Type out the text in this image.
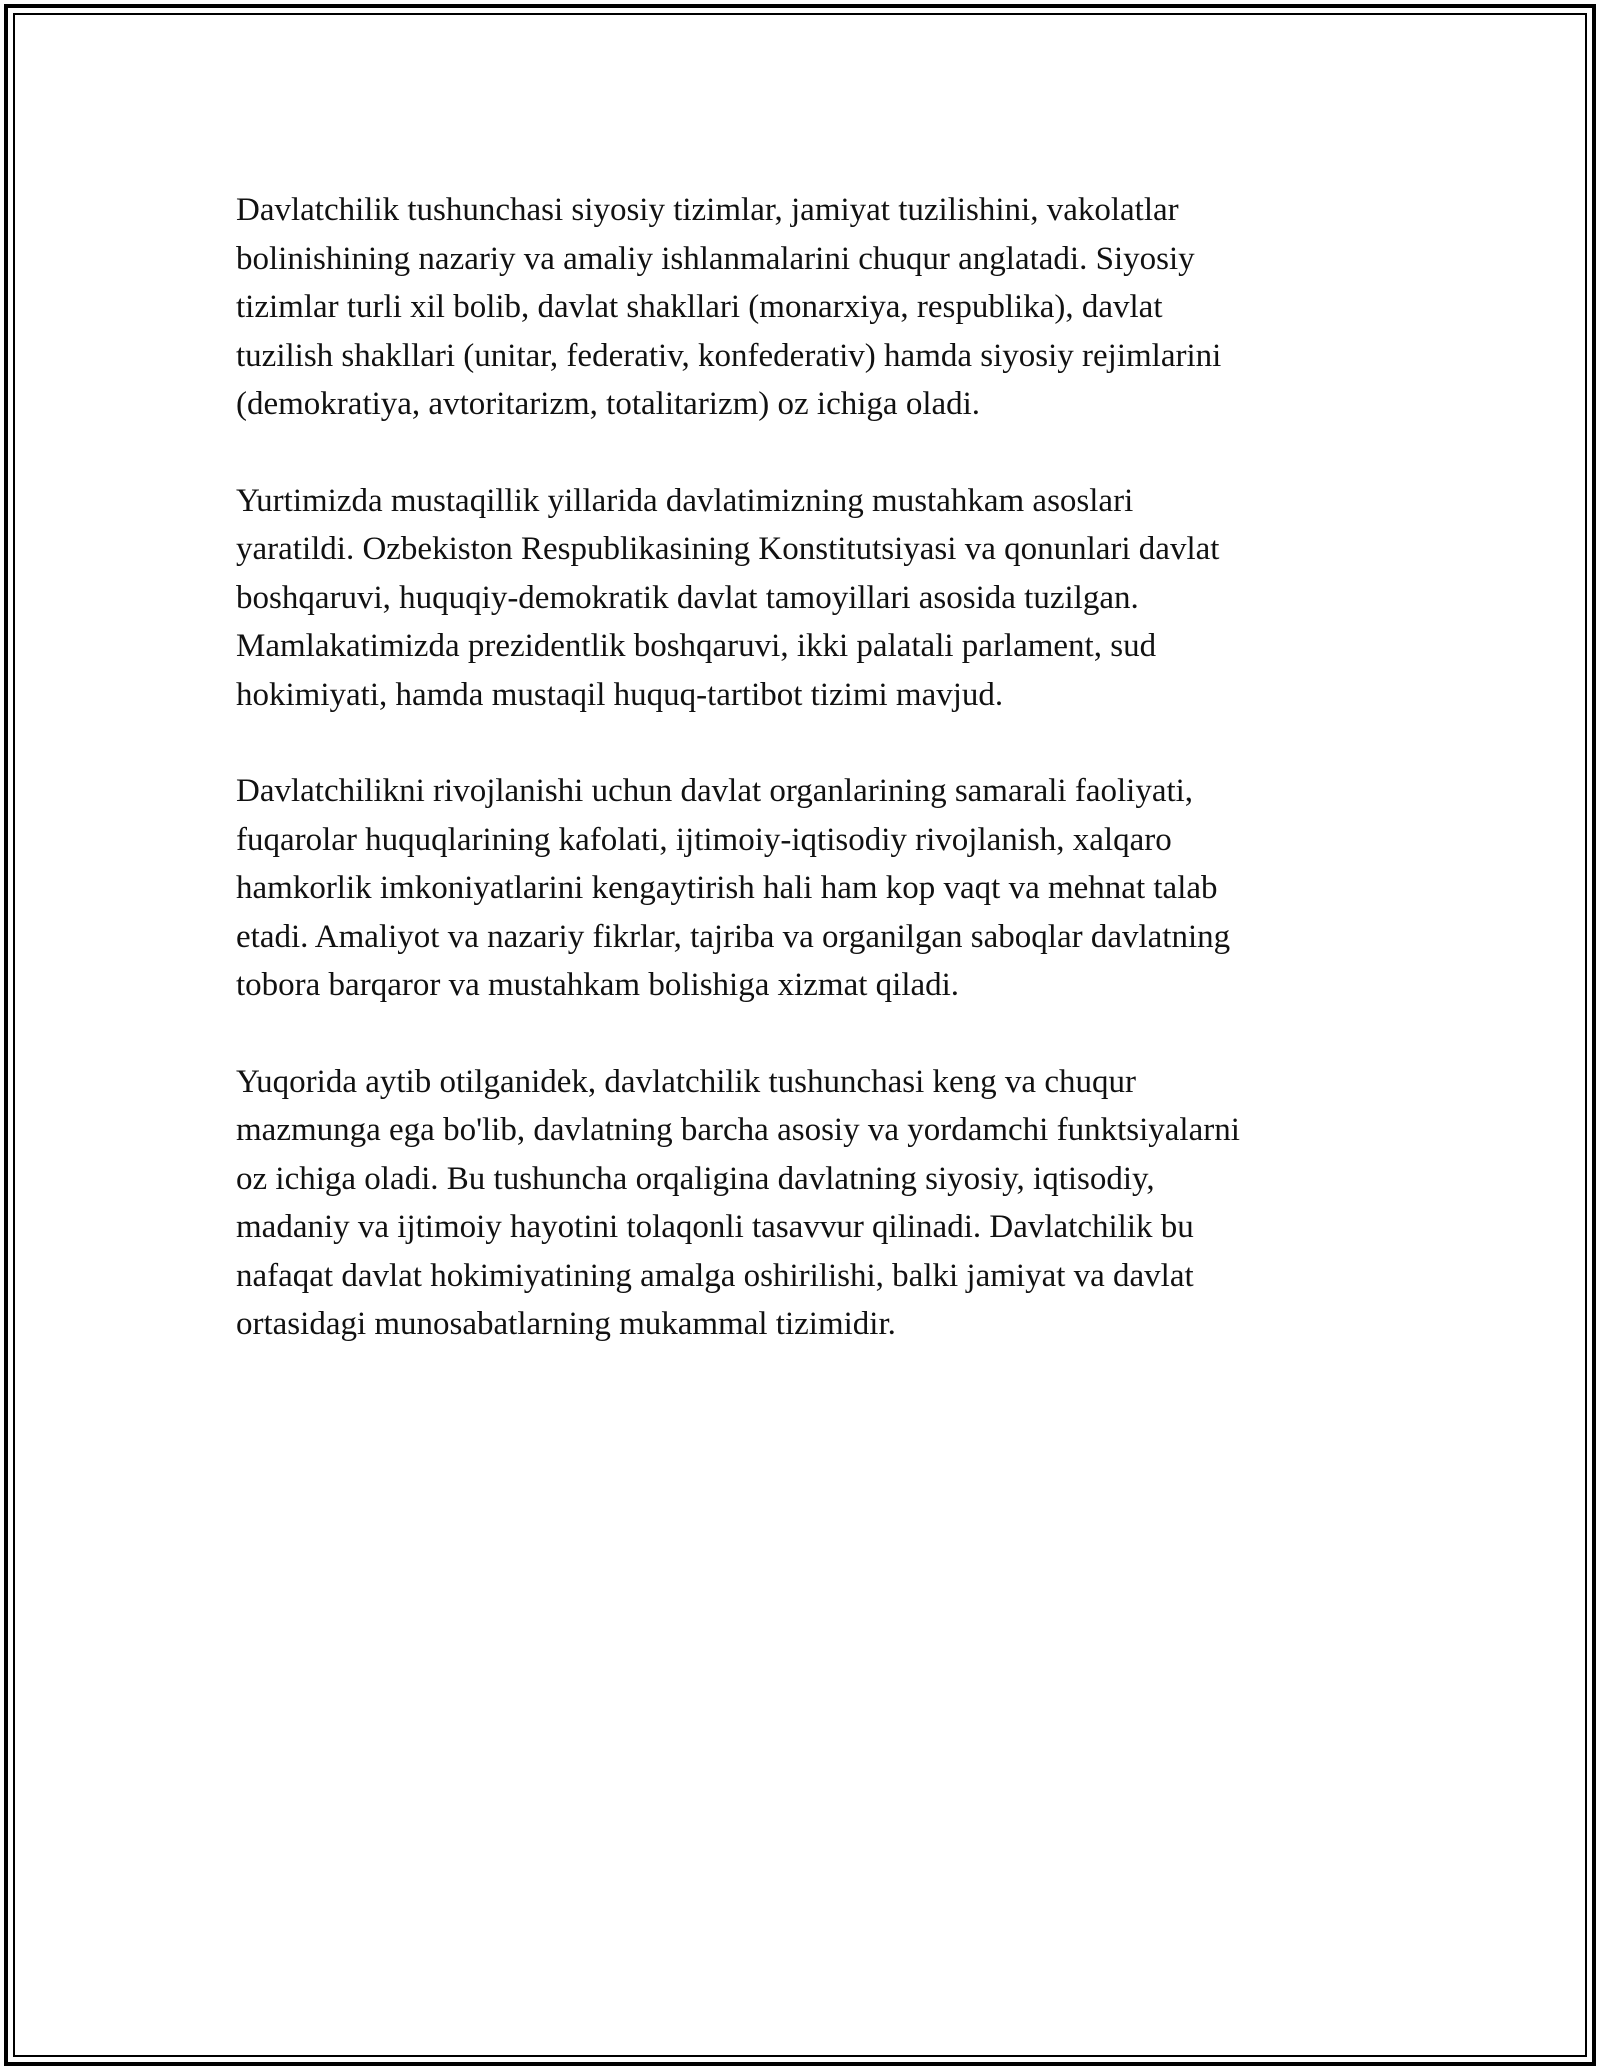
Davlatchilik tushunchasi siyosiy tizimlar, jamiyat tuzilishini, vakolatlar
bolinishining nazariy va amaliy ishlanmalarini chuqur anglatadi. Siyosiy
tizimlar turli xil bolib, davlat shakllari (monarxiya, respublika), davlat
tuzilish shakllari (unitar, federativ, konfederativ) hamda siyosiy rejimlarini
(demokratiya, avtoritarizm, totalitarizm) oz ichiga oladi.

Yurtimizda mustaqillik yillarida davlatimizning mustahkam asoslari
yaratildi. Ozbekiston Respublikasining Konstitutsiyasi va qonunlari davlat
boshqaruvi, huquqiy-demokratik davlat tamoyillari asosida tuzilgan.
Mamlakatimizda prezidentlik boshqaruvi, ikki palatali parlament, sud
hokimiyati, hamda mustaqil huquq-tartibot tizimi mavjud.

Davlatchilikni rivojlanishi uchun davlat organlarining samarali faoliyati,
fuqarolar huquqlarining kafolati, ijtimoiy-iqtisodiy rivojlanish, xalqaro
hamkorlik imkoniyatlarini kengaytirish hali ham kop vaqt va mehnat talab
etadi. Amaliyot va nazariy fikrlar, tajriba va organilgan saboqlar davlatning
tobora barqaror va mustahkam bolishiga xizmat qiladi.

Yuqorida aytib otilganidek, davlatchilik tushunchasi keng va chuqur
mazmunga ega bo'lib, davlatning barcha asosiy va yordamchi funktsiyalarni
oz ichiga oladi. Bu tushuncha orqaligina davlatning siyosiy, iqtisodiy,
madaniy va ijtimoiy hayotini tolaqonli tasavvur qilinadi. Davlatchilik bu
nafaqat davlat hokimiyatining amalga oshirilishi, balki jamiyat va davlat
ortasidagi munosabatlarning mukammal tizimidir.
